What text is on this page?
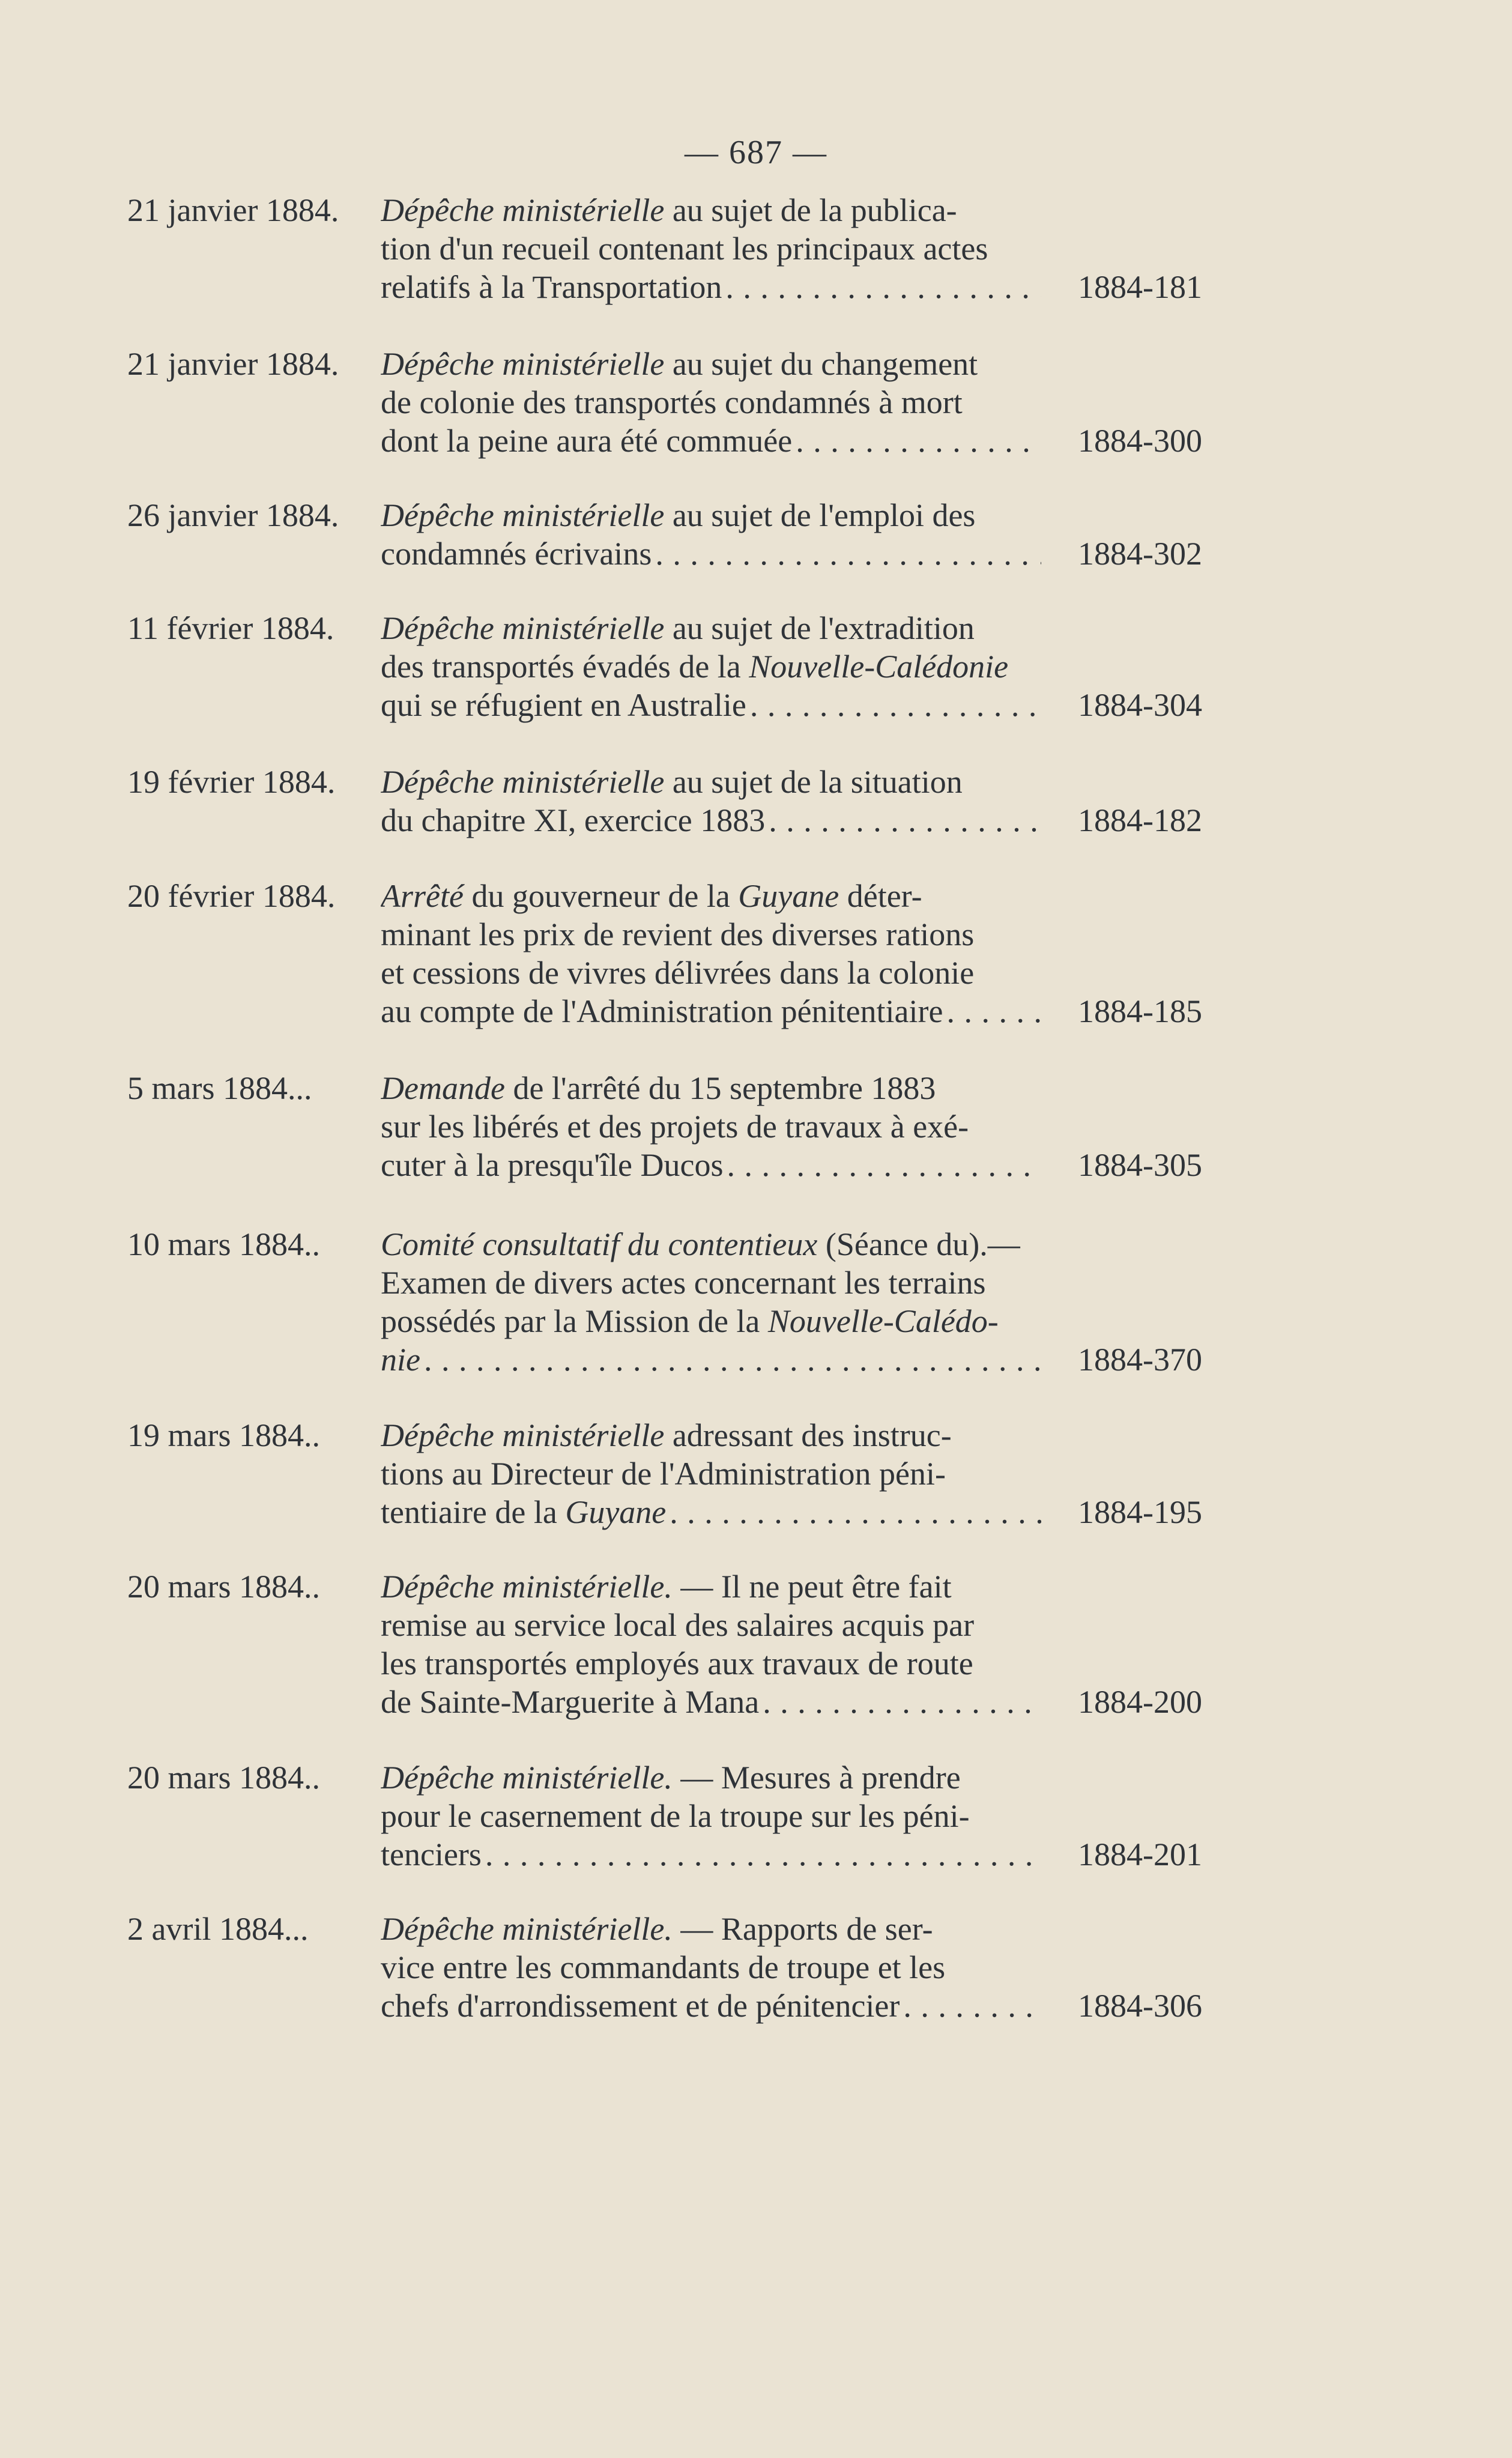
— 687 —
21 janvier 1884. Dépêche ministérielle au sujet de la publica-
tion d'un recueil contenant les principaux actes
relatifs à la Transportation . . .	1884-181
21 janvier 1884. Dépêche ministérielle au sujet du changement
de colonie des transportés condamnés à mort
dont la peine aura été commuée . . .	1884-300
26 janvier 1884. Dépêche ministérielle au sujet de l'emploi des
condamnés écrivains . . .	1884-302
11 février 1884. Dépêche ministérielle au sujet de l'extradition
des transportés évadés de la Nouvelle-Calédonie
qui se réfugient en Australie . . .	1884-304
19 février 1884. Dépêche ministérielle au sujet de la situation
du chapitre XI, exercice 1883 . . .	1884-182
20 février 1884. Arrêté du gouverneur de la Guyane déter-
minant les prix de revient des diverses rations
et cessions de vivres délivrées dans la colonie
au compte de l'Administration pénitentiaire . . .	1884-185
5 mars 1884... Demande de l'arrêté du 15 septembre 1883
sur les libérés et des projets de travaux à exé-
cuter à la presqu'île Ducos . . .	1884-305
10 mars 1884.. Comité consultatif du contentieux (Séance du).—
Examen de divers actes concernant les terrains
possédés par la Mission de la Nouvelle-Calédo-
nie . . .	1884-370
19 mars 1884.. Dépêche ministérielle adressant des instruc-
tions au Directeur de l'Administration péni-
tentiaire de la Guyane . . .	1884-195
20 mars 1884.. Dépêche ministérielle. — Il ne peut être fait
remise au service local des salaires acquis par
les transportés employés aux travaux de route
de Sainte-Marguerite à Mana . . .	1884-200
20 mars 1884.. Dépêche ministérielle. — Mesures à prendre
pour le casernement de la troupe sur les péni-
tenciers . . .	1884-201
2 avril 1884... Dépêche ministérielle. — Rapports de ser-
vice entre les commandants de troupe et les
chefs d'arrondissement et de pénitencier . . .	1884-306
